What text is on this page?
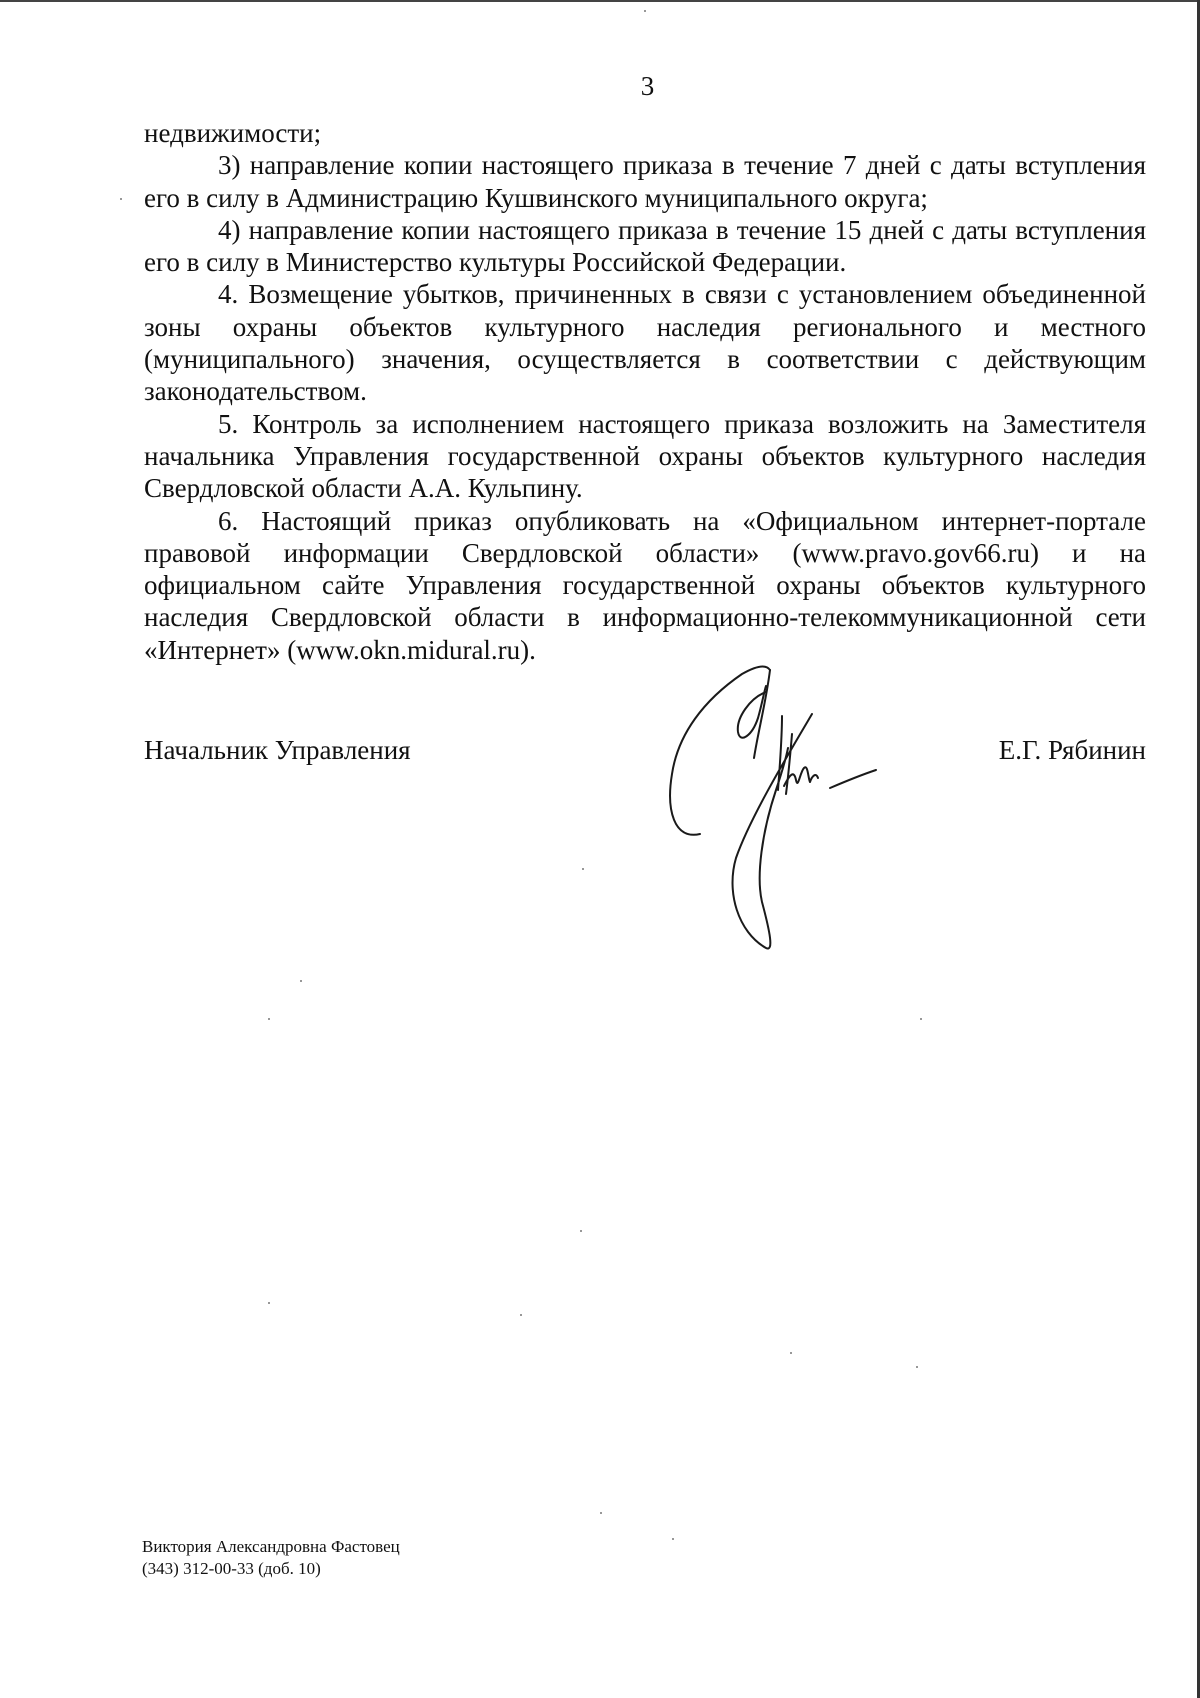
3

недвижимости;

3) направление копии настоящего приказа в течение 7 дней с даты вступления его в силу в Администрацию Кушвинского муниципального округа;

4) направление копии настоящего приказа в течение 15 дней с даты вступления его в силу в Министерство культуры Российской Федерации.

4. Возмещение убытков, причиненных в связи с установлением объединенной зоны охраны объектов культурного наследия регионального и местного (муниципального) значения, осуществляется в соответствии с действующим законодательством.

5. Контроль за исполнением настоящего приказа возложить на Заместителя начальника Управления государственной охраны объектов культурного наследия Свердловской области А.А. Кульпину.

6. Настоящий приказ опубликовать на «Официальном интернет-портале правовой информации Свердловской области» (www.pravo.gov66.ru) и на официальном сайте Управления государственной охраны объектов культурного наследия Свердловской области в информационно-телекоммуникационной сети «Интернет» (www.okn.midural.ru).

Начальник Управления	Е.Г. Рябинин
Виктория Александровна Фастовец
(343) 312-00-33 (доб. 10)
